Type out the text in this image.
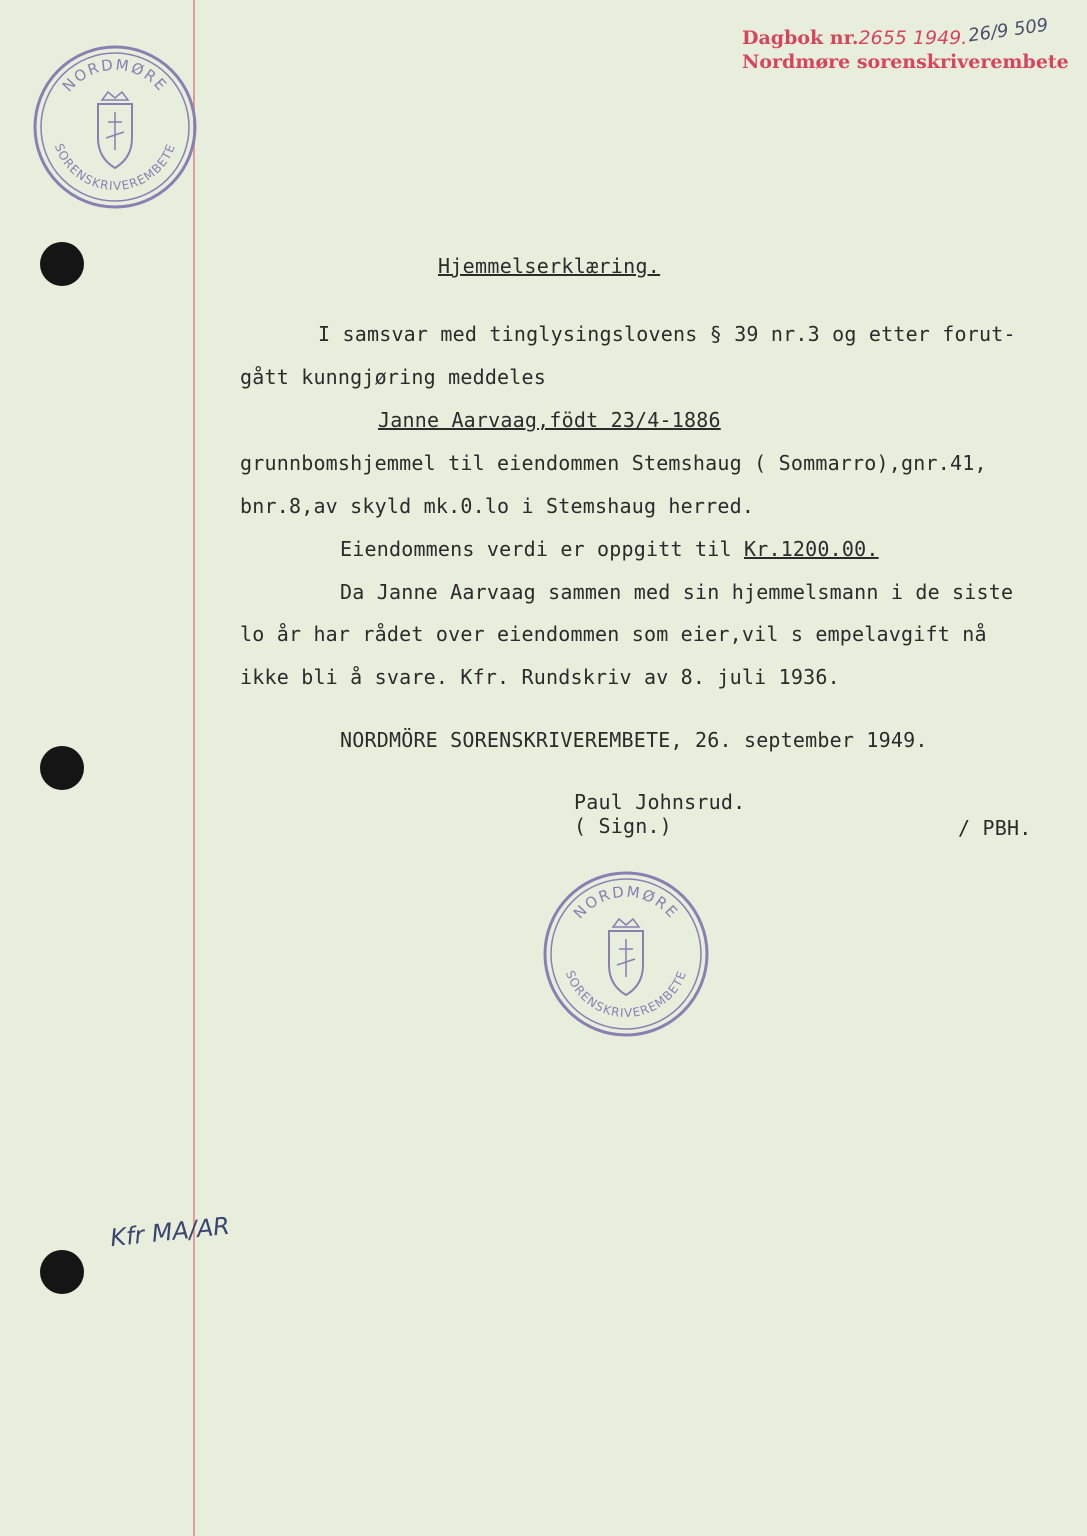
NORDMØRE
SORENSKRIVEREMBETE
NORDMØRE
SORENSKRIVEREMBETE
Dagbok nr.2655 1949.
Nordmøre sorenskriverembete
26/9 509
Hjemmelserklæring.
I samsvar med tinglysingslovens § 39 nr.3 og etter forut-
gått kunngjøring meddeles
Janne Aarvaag,födt 23/4-1886
grunnbomshjemmel til eiendommen Stemshaug ( Sommarro),gnr.41,
bnr.8,av skyld mk.0.lo i Stemshaug herred.
Eiendommens verdi er oppgitt til Kr.1200.00.
Da Janne Aarvaag sammen med sin hjemmelsmann i de siste
lo år har rådet over eiendommen som eier,vil s empelavgift nå
ikke bli å svare. Kfr. Rundskriv av 8. juli 1936.
NORDMÖRE SORENSKRIVEREMBETE, 26. september 1949.
Paul Johnsrud.
( Sign.)	/ PBH.
Kfr MA/AR
